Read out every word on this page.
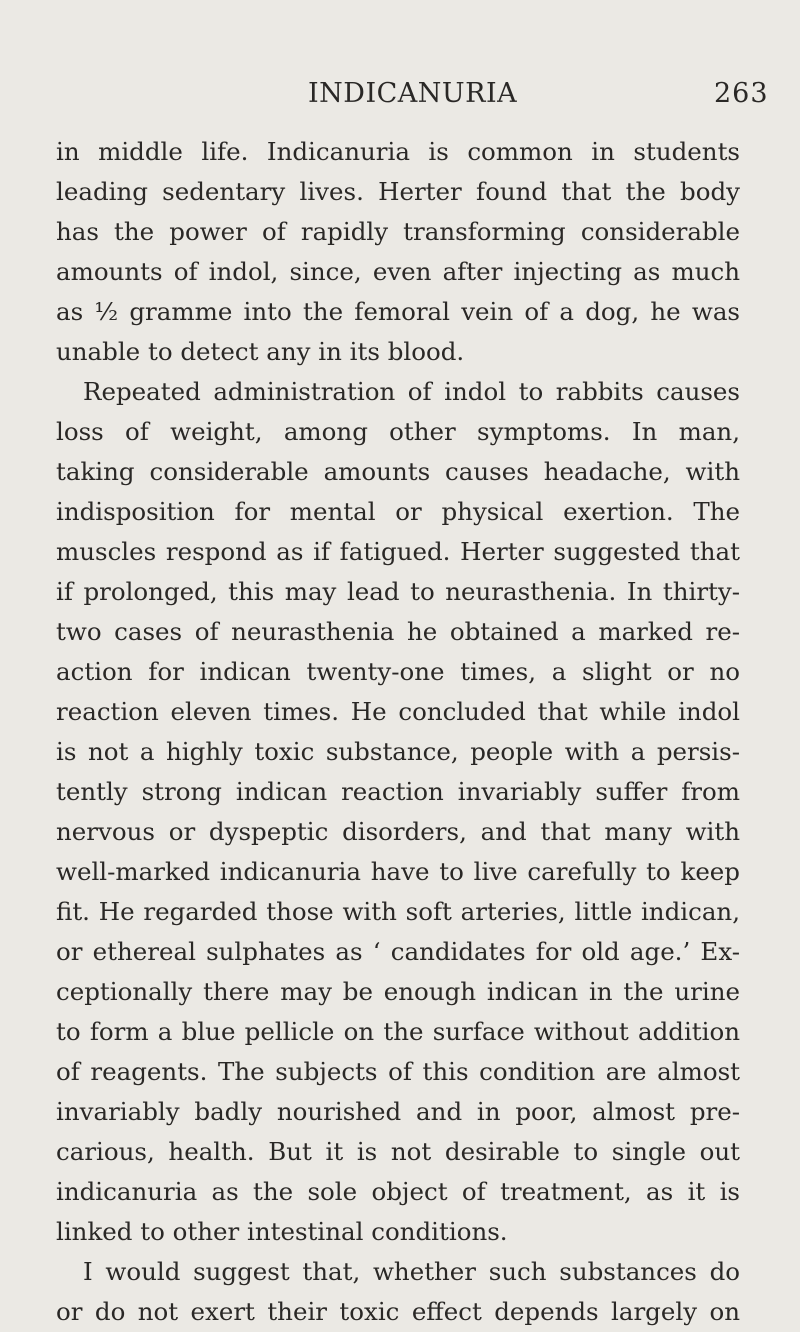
INDICANURIA	263
in middle life. Indicanuria is common in students
leading sedentary lives. Herter found that the body
has the power of rapidly transforming considerable
amounts of indol, since, even after injecting as much
as ½ gramme into the femoral vein of a dog, he was
unable to detect any in its blood.
Repeated administration of indol to rabbits causes
loss of weight, among other symptoms. In man,
taking considerable amounts causes headache, with
indisposition for mental or physical exertion. The
muscles respond as if fatigued. Herter suggested that
if prolonged, this may lead to neurasthenia. In thirty-
two cases of neurasthenia he obtained a marked re-
action for indican twenty-one times, a slight or no
reaction eleven times. He concluded that while indol
is not a highly toxic substance, people with a persis-
tently strong indican reaction invariably suffer from
nervous or dyspeptic disorders, and that many with
well-marked indicanuria have to live carefully to keep
fit. He regarded those with soft arteries, little indican,
or ethereal sulphates as ‘ candidates for old age.’ Ex-
ceptionally there may be enough indican in the urine
to form a blue pellicle on the surface without addition
of reagents. The subjects of this condition are almost
invariably badly nourished and in poor, almost pre-
carious, health. But it is not desirable to single out
indicanuria as the sole object of treatment, as it is
linked to other intestinal conditions.
I would suggest that, whether such substances do
or do not exert their toxic effect depends largely on
